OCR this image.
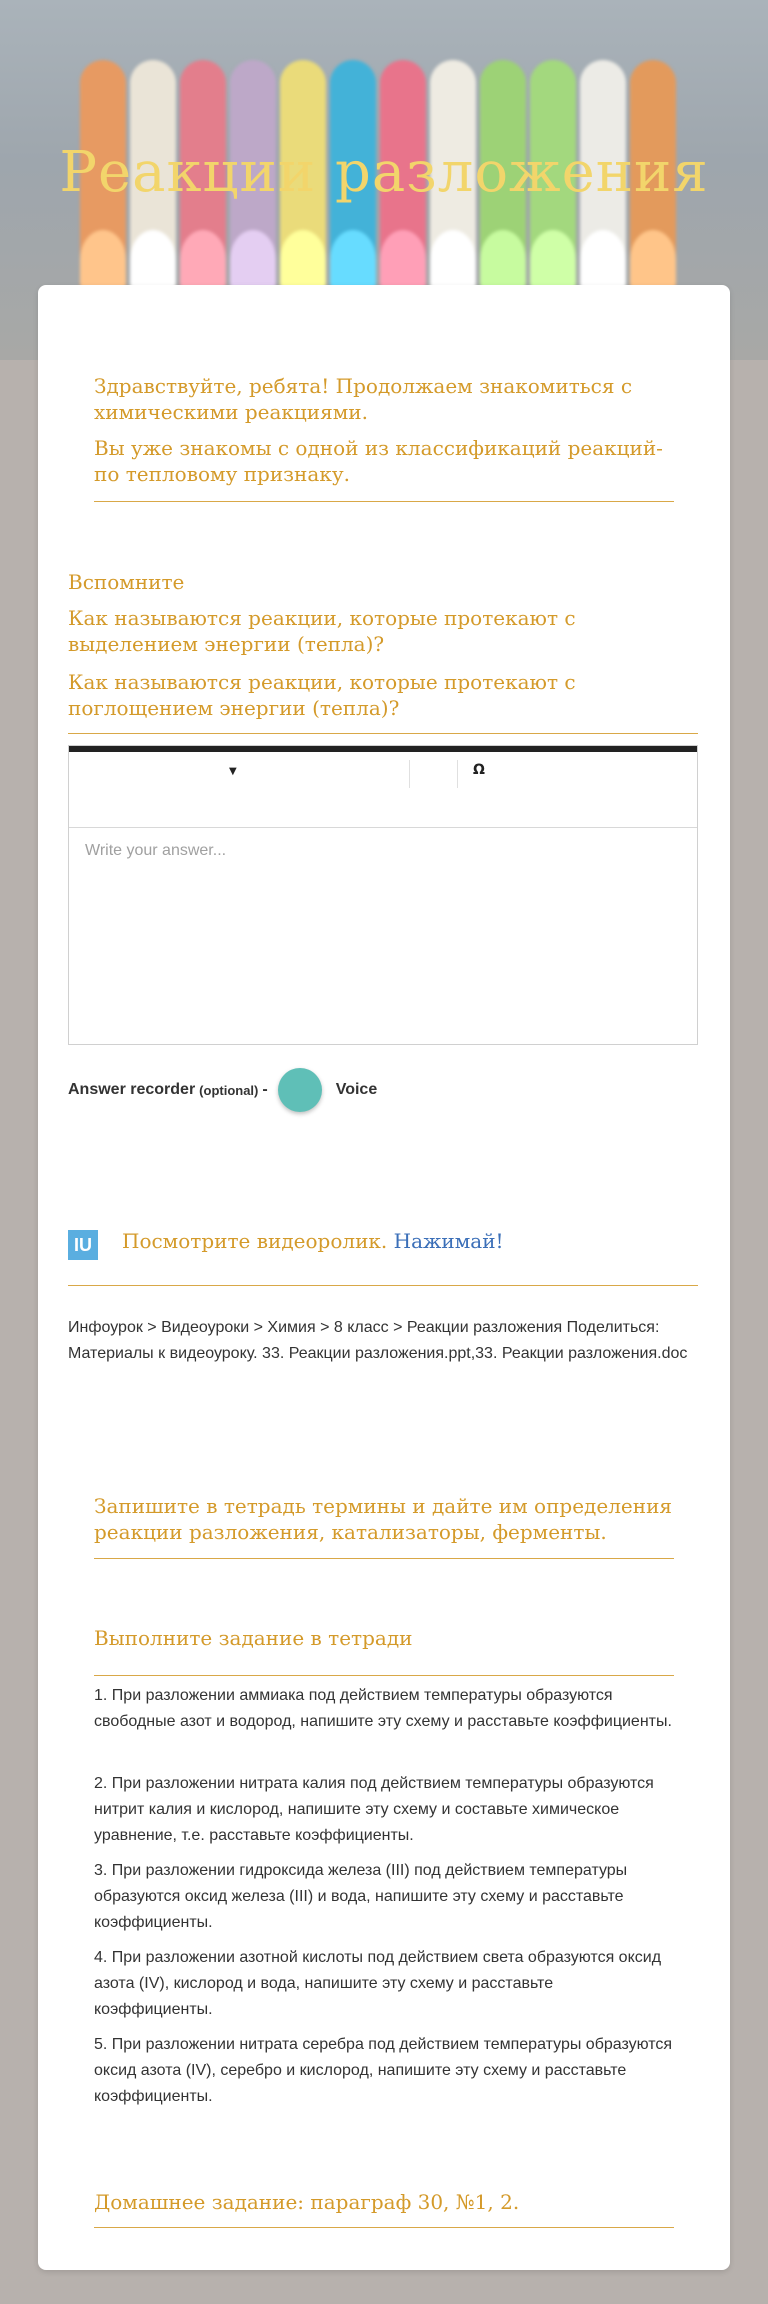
Реакции разложения
Здравствуйте, ребята! Продолжаем знакомиться с химическими реакциями.
Вы уже знакомы с одной из классификаций реакций-по тепловому признаку.
Вспомните
Как называются реакции, которые протекают с выделением энергии (тепла)?
Как называются реакции, которые протекают с поглощением энергии (тепла)?
▼	Ω
Write your answer...
Answer recorder (optional) -	Voice
IU	Посмотрите видеоролик. Нажимай!
Инфоурок > Видеоуроки > Химия > 8 класс > Реакции разложения Поделиться: Материалы к видеоуроку. 33. Реакции разложения.ppt,33. Реакции разложения.doc
Запишите в тетрадь термины и дайте им определения реакции разложения, катализаторы, ферменты.
Выполните задание в тетради
1. При разложении аммиака под действием температуры образуются свободные азот и водород, напишите эту схему и расставьте коэффициенты.
2. При разложении нитрата калия под действием температуры образуются нитрит калия и кислород, напишите эту схему и составьте химическое уравнение, т.е. расставьте коэффициенты.
3. При разложении гидроксида железа (III) под действием температуры образуются оксид железа (III) и вода, напишите эту схему и расставьте коэффициенты.
4. При разложении азотной кислоты под действием света образуются оксид азота (IV), кислород и вода, напишите эту схему и расставьте коэффициенты.
5. При разложении нитрата серебра под действием температуры образуются оксид азота (IV), серебро и кислород, напишите эту схему и расставьте коэффициенты.
Домашнее задание: параграф 30, №1, 2.
